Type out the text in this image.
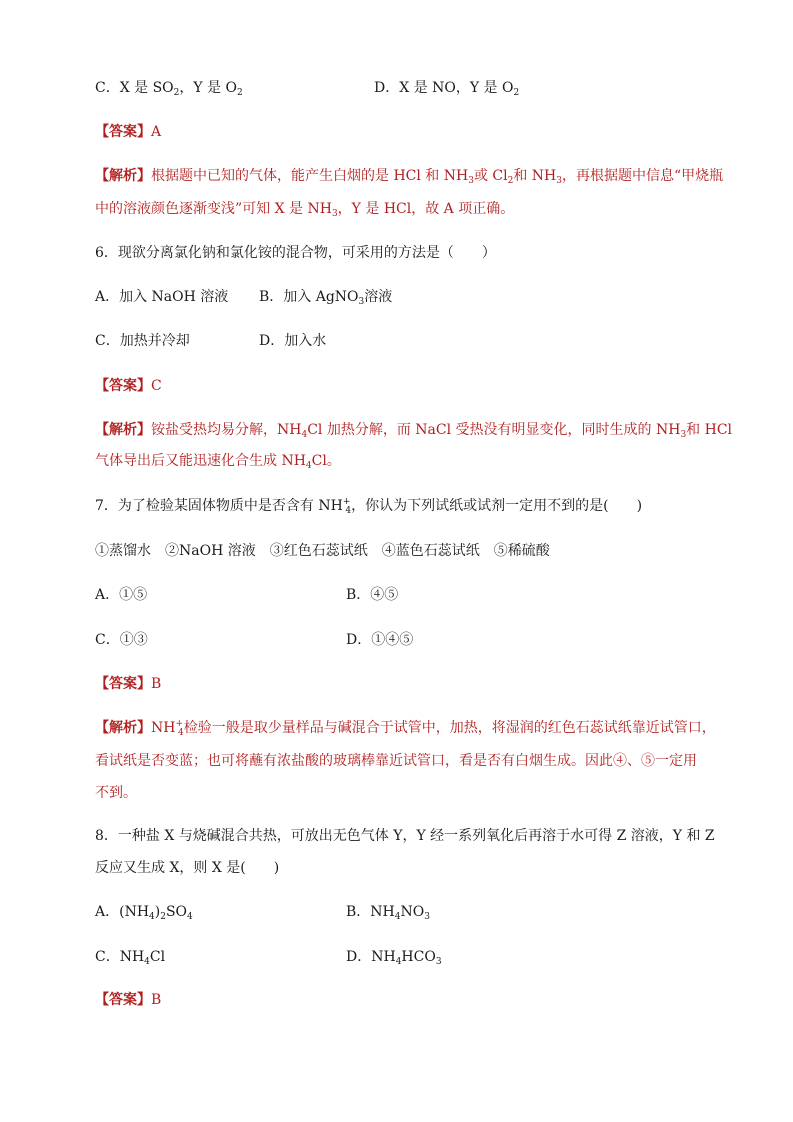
C．X 是 $SO_2$，Y 是 $O_2$	D．X 是 NO，Y 是 $O_2$
【答案】A
【解析】根据题中已知的气体，能产生白烟的是 HCl 和 $NH_3$或 $Cl_2$和 $NH_3$，再根据题中信息“甲烧瓶
中的溶液颜色逐渐变浅”可知 X 是 $NH_3$，Y 是 HCl，故 A 项正确。
6．现欲分离氯化钠和氯化铵的混合物，可采用的方法是（　　）
A．加入 NaOH 溶液 B．加入 AgNO$_3$溶液
C．加热并冷却	D．加入水
【答案】C
【解析】铵盐受热均易分解，$NH_4Cl$ 加热分解，而 NaCl 受热没有明显变化，同时生成的 $NH_3$和 HCl
气体导出后又能迅速化合生成 $NH_4Cl$。
7．为了检验某固体物质中是否含有 $NH^+_4$，你认为下列试纸或试剂一定用不到的是(　　)
①蒸馏水　②NaOH 溶液　③红色石蕊试纸　④蓝色石蕊试纸　⑤稀硫酸
A．①⑤	B．④⑤
C．①③	D．①④⑤
【答案】B
【解析】$NH^+_4$检验一般是取少量样品与碱混合于试管中，加热，将湿润的红色石蕊试纸靠近试管口，
看试纸是否变蓝；也可将蘸有浓盐酸的玻璃棒靠近试管口，看是否有白烟生成。因此④、⑤一定用
不到。
8．一种盐 X 与烧碱混合共热，可放出无色气体 Y，Y 经一系列氧化后再溶于水可得 Z 溶液，Y 和 Z
反应又生成 X，则 X 是(　　)
A．$(NH_4)_2SO_4$	B．$NH_4NO_3$
C．$NH_4Cl$	D．$NH_4HCO_3$
【答案】B
